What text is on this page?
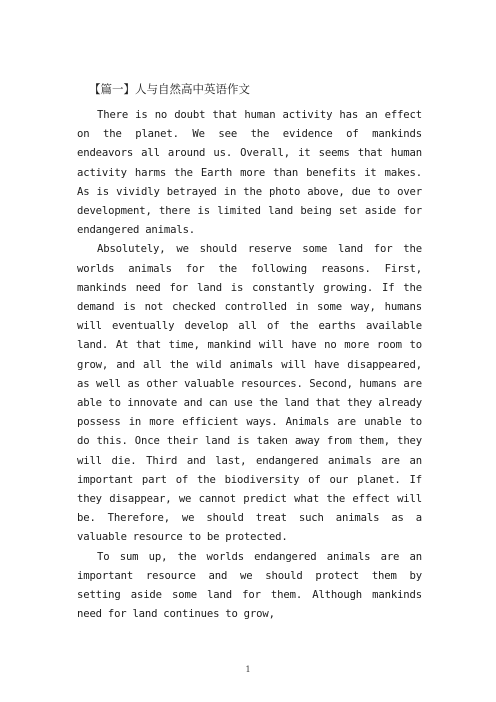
【篇一】人与自然高中英语作文

There is no doubt that human activity has an effect on the planet. We see the evidence of mankinds endeavors all around us. Overall, it seems that human activity harms the Earth more than benefits it makes. As is vividly betrayed in the photo above, due to over development, there is limited land being set aside for endangered animals.

Absolutely, we should reserve some land for the worlds animals for the following reasons. First, mankinds need for land is constantly growing. If the demand is not checked controlled in some way, humans will eventually develop all of the earths available land. At that time, mankind will have no more room to grow, and all the wild animals will have disappeared, as well as other valuable resources. Second, humans are able to innovate and can use the land that they already possess in more efficient ways. Animals are unable to do this. Once their land is taken away from them, they will die. Third and last, endangered animals are an important part of the biodiversity of our planet. If they disappear, we cannot predict what the effect will be. Therefore, we should treat such animals as a valuable resource to be protected.

To sum up, the worlds endangered animals are an important resource and we should protect them by setting aside some land for them. Although mankinds need for land continues to grow,

1
